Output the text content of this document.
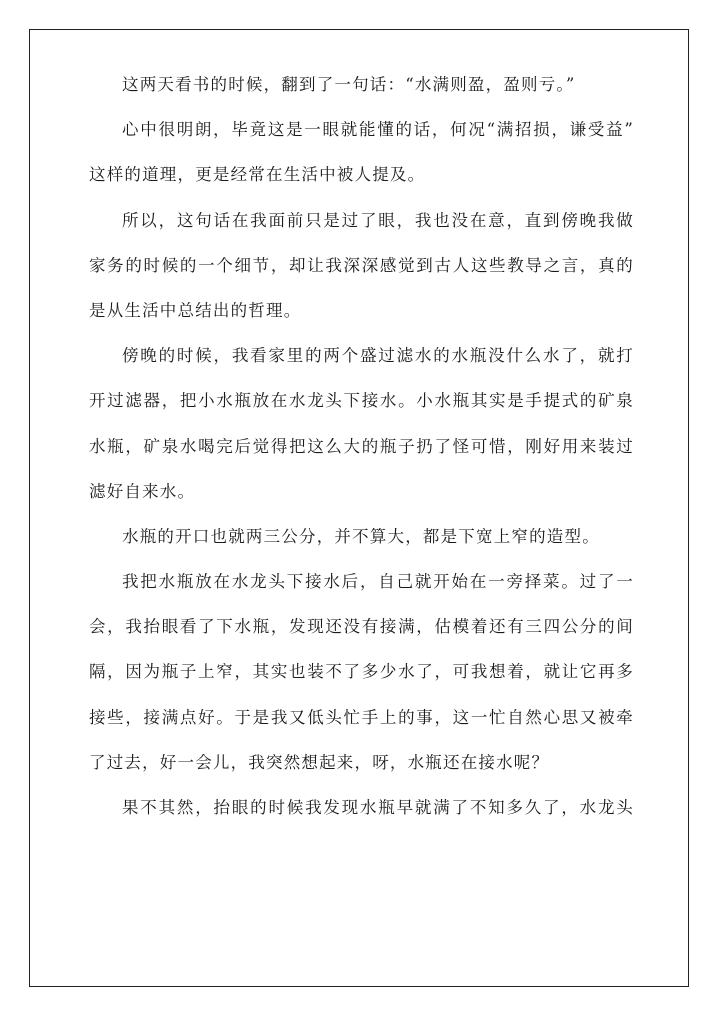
这两天看书的时候，翻到了一句话：“水满则盈，盈则亏。”
心中很明朗，毕竟这是一眼就能懂的话，何况“满招损，谦受益”
这样的道理，更是经常在生活中被人提及。
所以，这句话在我面前只是过了眼，我也没在意，直到傍晚我做
家务的时候的一个细节，却让我深深感觉到古人这些教导之言，真的
是从生活中总结出的哲理。
傍晚的时候，我看家里的两个盛过滤水的水瓶没什么水了，就打
开过滤器，把小水瓶放在水龙头下接水。小水瓶其实是手提式的矿泉
水瓶，矿泉水喝完后觉得把这么大的瓶子扔了怪可惜，刚好用来装过
滤好自来水。
水瓶的开口也就两三公分，并不算大，都是下宽上窄的造型。
我把水瓶放在水龙头下接水后，自己就开始在一旁择菜。过了一
会，我抬眼看了下水瓶，发现还没有接满，估模着还有三四公分的间
隔，因为瓶子上窄，其实也装不了多少水了，可我想着，就让它再多
接些，接满点好。于是我又低头忙手上的事，这一忙自然心思又被牵
了过去，好一会儿，我突然想起来，呀，水瓶还在接水呢？
果不其然，抬眼的时候我发现水瓶早就满了不知多久了，水龙头
